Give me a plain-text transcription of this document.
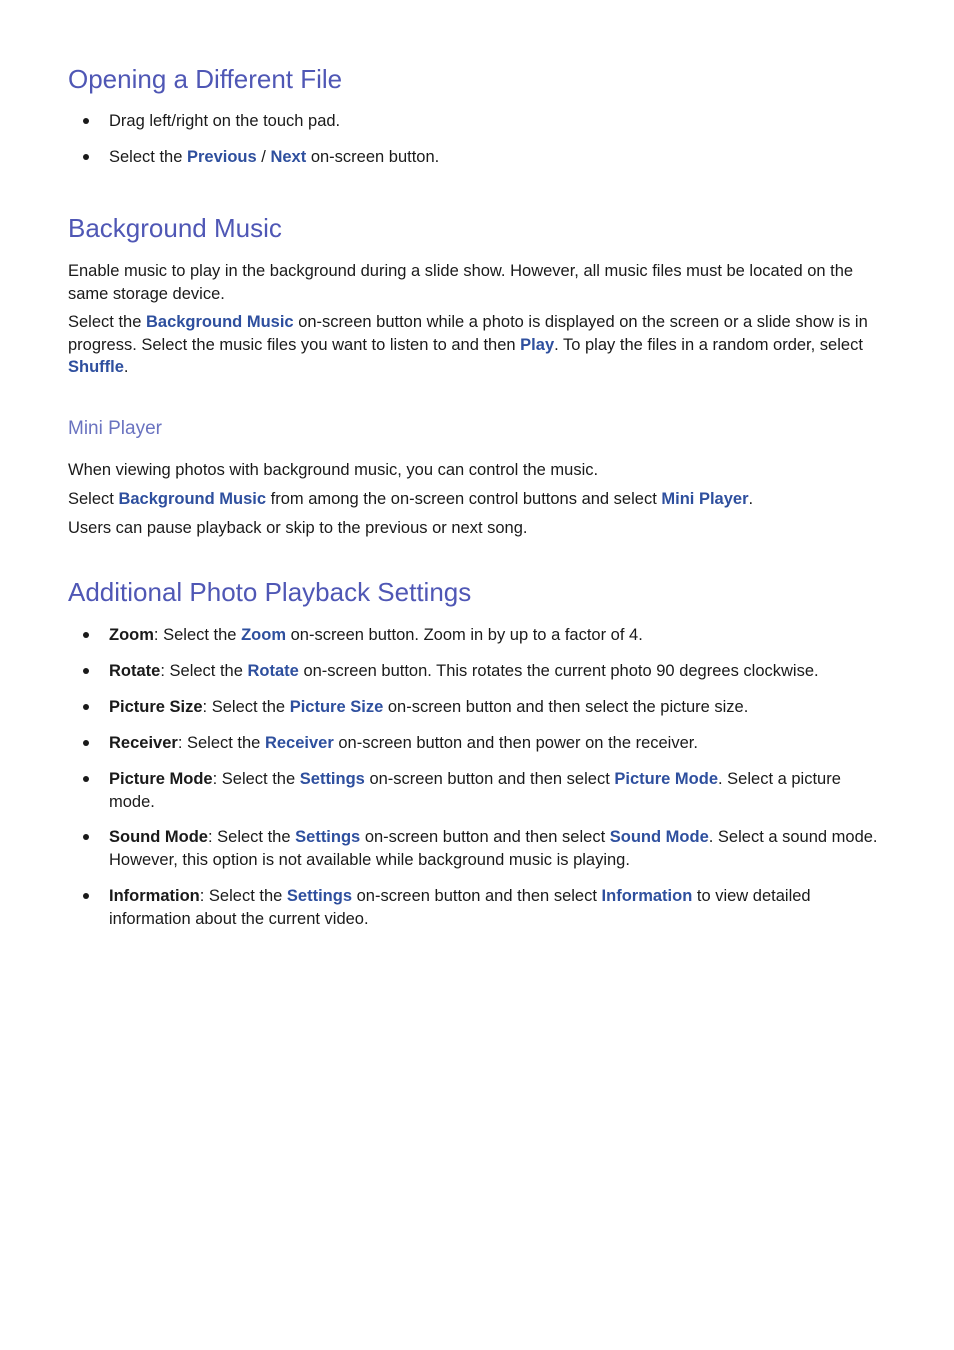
Opening a Different File
Drag left/right on the touch pad.
Select the Previous / Next on-screen button.
Background Music

Enable music to play in the background during a slide show. However, all music files must be located on the same storage device.

Select the Background Music on-screen button while a photo is displayed on the screen or a slide show is in progress. Select the music files you want to listen to and then Play. To play the files in a random order, select Shuffle.

Mini Player

When viewing photos with background music, you can control the music.

Select Background Music from among the on-screen control buttons and select Mini Player.

Users can pause playback or skip to the previous or next song.

Additional Photo Playback Settings
Zoom: Select the Zoom on-screen button. Zoom in by up to a factor of 4.
Rotate: Select the Rotate on-screen button. This rotates the current photo 90 degrees clockwise.
Picture Size: Select the Picture Size on-screen button and then select the picture size.
Receiver: Select the Receiver on-screen button and then power on the receiver.
Picture Mode: Select the Settings on-screen button and then select Picture Mode. Select a picture mode.
Sound Mode: Select the Settings on-screen button and then select Sound Mode. Select a sound mode. However, this option is not available while background music is playing.
Information: Select the Settings on-screen button and then select Information to view detailed information about the current video.
